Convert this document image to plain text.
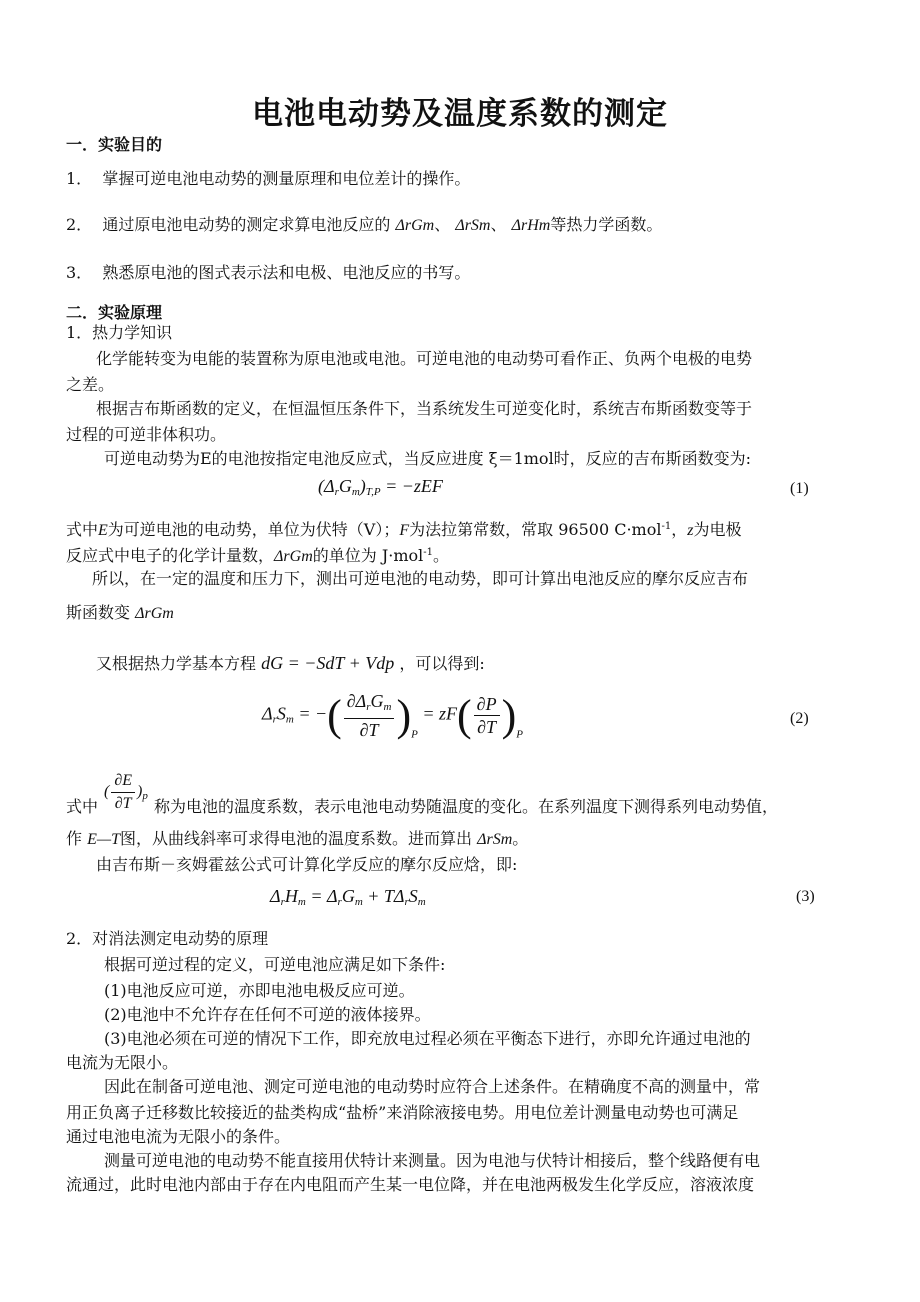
电池电动势及温度系数的测定
一．实验目的
1． 掌握可逆电池电动势的测量原理和电位差计的操作。
2． 通过原电池电动势的测定求算电池反应的 ΔrGm、 ΔrSm、 ΔrHm等热力学函数。
3． 熟悉原电池的图式表示法和电极、电池反应的书写。
二．实验原理
1．热力学知识
化学能转变为电能的装置称为原电池或电池。可逆电池的电动势可看作正、负两个电极的电势
之差。
根据吉布斯函数的定义，在恒温恒压条件下，当系统发生可逆变化时，系统吉布斯函数变等于
过程的可逆非体积功。
可逆电动势为E的电池按指定电池反应式，当反应进度 ξ＝1mol时，反应的吉布斯函数变为:
$(\Delta_rG_m)_{T,P} = -zEF$	(1)
式中E为可逆电池的电动势，单位为伏特（V）；F为法拉第常数，常取 96500 C·mol$^{-1}$，z为电极
反应式中电子的化学计量数，ΔrGm的单位为 J·mol$^{-1}$。
所以，在一定的温度和压力下，测出可逆电池的电动势，即可计算出电池反应的摩尔反应吉布
斯函数变 ΔrGm
又根据热力学基本方程 dG = −SdT + Vdp ，可以得到:
$\Delta_rS_m$ = −( $\frac{\partial\Delta_rG_m}{\partial T} )_P = zF( \frac{\partial P}{\partial T} )_P$
(2)
( $\frac{\partial E}{\partial T} )_p$
式中	称为电池的温度系数，表示电池电动势随温度的变化。在系列温度下测得系列电动势值，
作 E—T图，从曲线斜率可求得电池的温度系数。进而算出 ΔrSm。
由吉布斯－亥姆霍兹公式可计算化学反应的摩尔反应焓，即:
$\Delta_rH_m = \Delta_rG_m + T\Delta_rS_m$	(3)
2．对消法测定电动势的原理
根据可逆过程的定义，可逆电池应满足如下条件:
(1)电池反应可逆，亦即电池电极反应可逆。
(2)电池中不允许存在任何不可逆的液体接界。
(3)电池必须在可逆的情况下工作，即充放电过程必须在平衡态下进行，亦即允许通过电池的
电流为无限小。
因此在制备可逆电池、测定可逆电池的电动势时应符合上述条件。在精确度不高的测量中，常
用正负离子迁移数比较接近的盐类构成“盐桥”来消除液接电势。用电位差计测量电动势也可满足
通过电池电流为无限小的条件。
测量可逆电池的电动势不能直接用伏特计来测量。因为电池与伏特计相接后，整个线路便有电
流通过，此时电池内部由于存在内电阻而产生某一电位降，并在电池两极发生化学反应，溶液浓度
